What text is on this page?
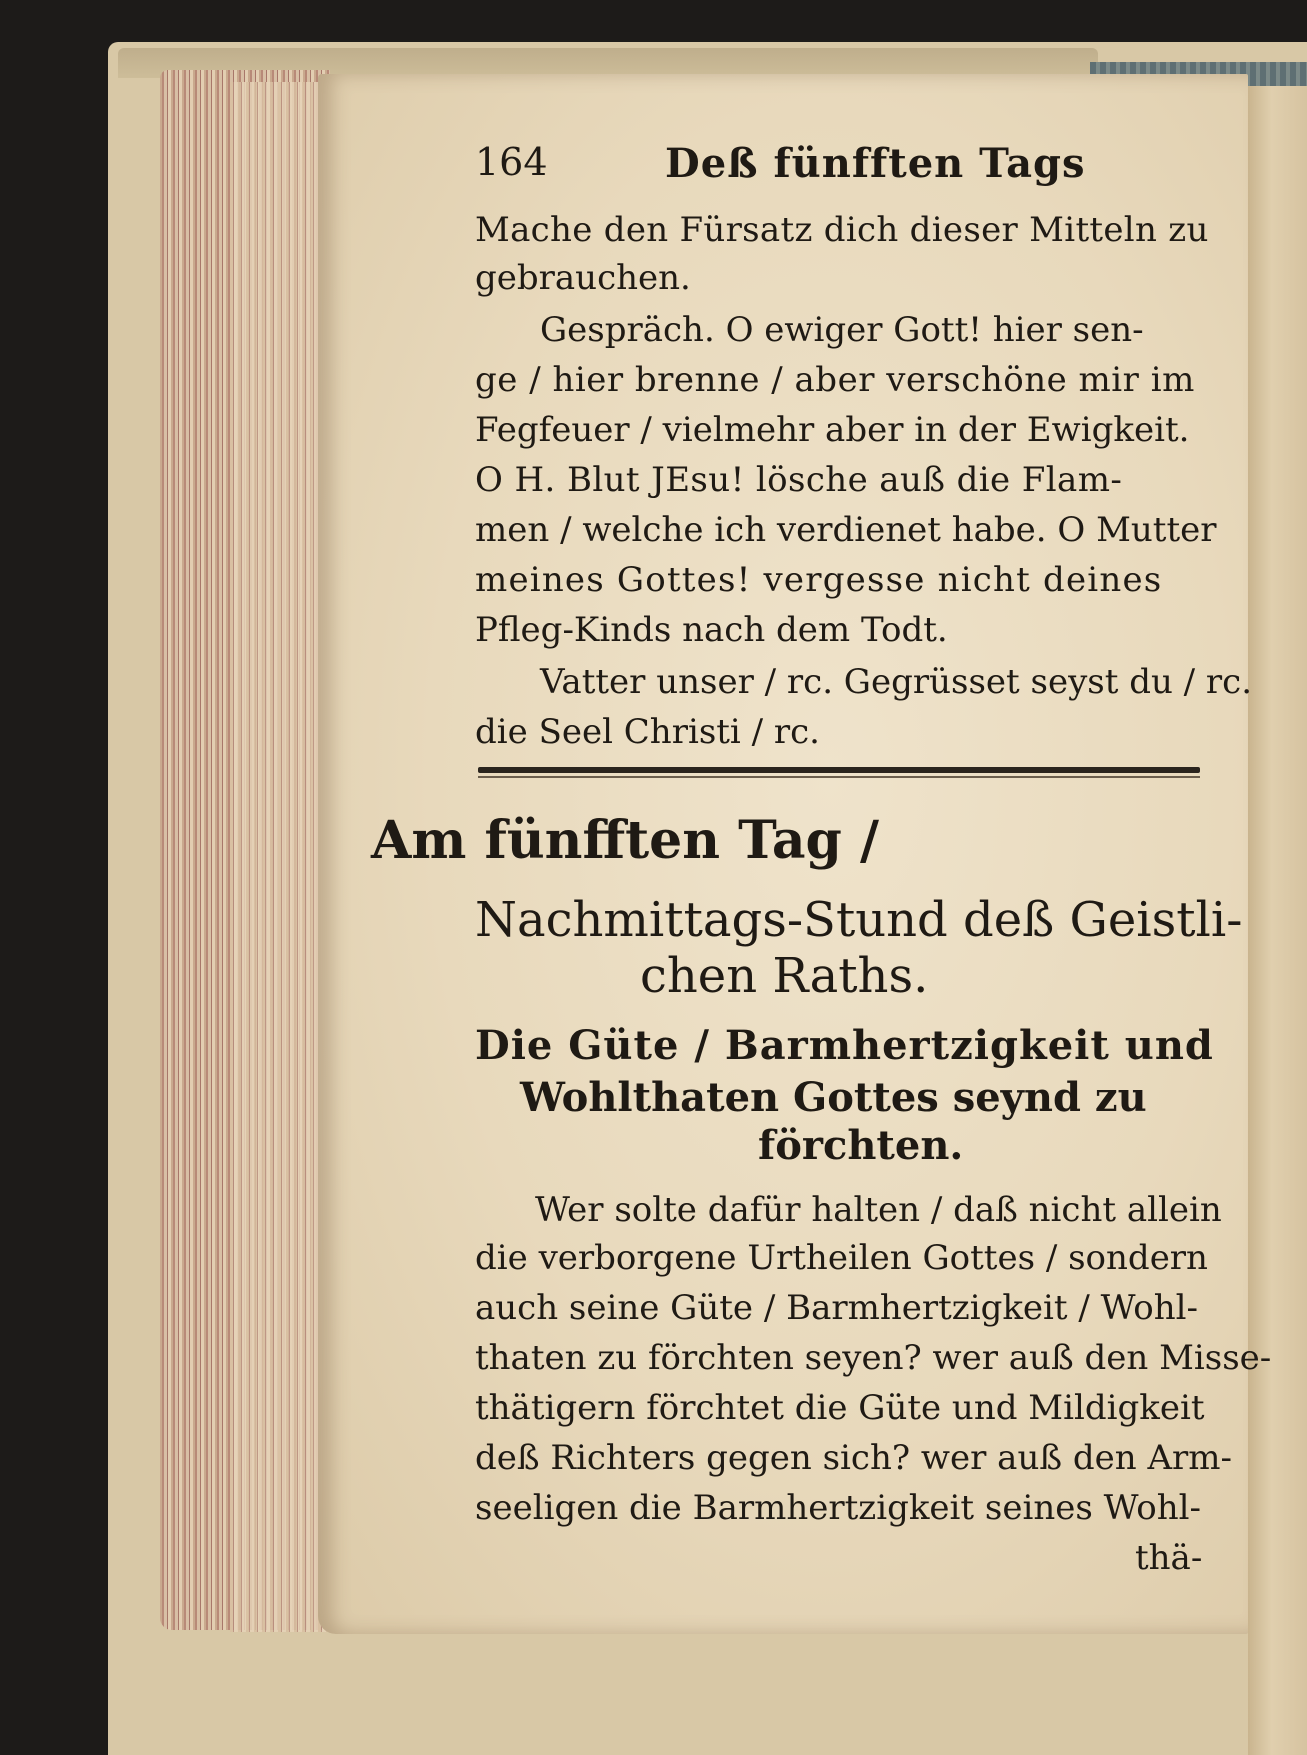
164	Deß fünfften Tags
Mache den Fürsatz dich dieser Mitteln zu
gebrauchen.
Gespräch. O ewiger Gott! hier sen-
ge / hier brenne / aber verschöne mir im
Fegfeuer / vielmehr aber in der Ewigkeit.
O H. Blut JEsu! lösche auß die Flam-
men / welche ich verdienet habe. O Mutter
meines Gottes! vergesse nicht deines
Pfleg-Kinds nach dem Todt.
Vatter unser / rc. Gegrüsset seyst du / rc.
die Seel Christi / rc.
Am fünfften Tag /
Nachmittags-Stund deß Geistli-
chen Raths.
Die Güte / Barmhertzigkeit und
Wohlthaten Gottes seynd zu
förchten.
Wer solte dafür halten / daß nicht allein
die verborgene Urtheilen Gottes / sondern
auch seine Güte / Barmhertzigkeit / Wohl-
thaten zu förchten seyen? wer auß den Misse-
thätigern förchtet die Güte und Mildigkeit
deß Richters gegen sich? wer auß den Arm-
seeligen die Barmhertzigkeit seines Wohl-
thä-
